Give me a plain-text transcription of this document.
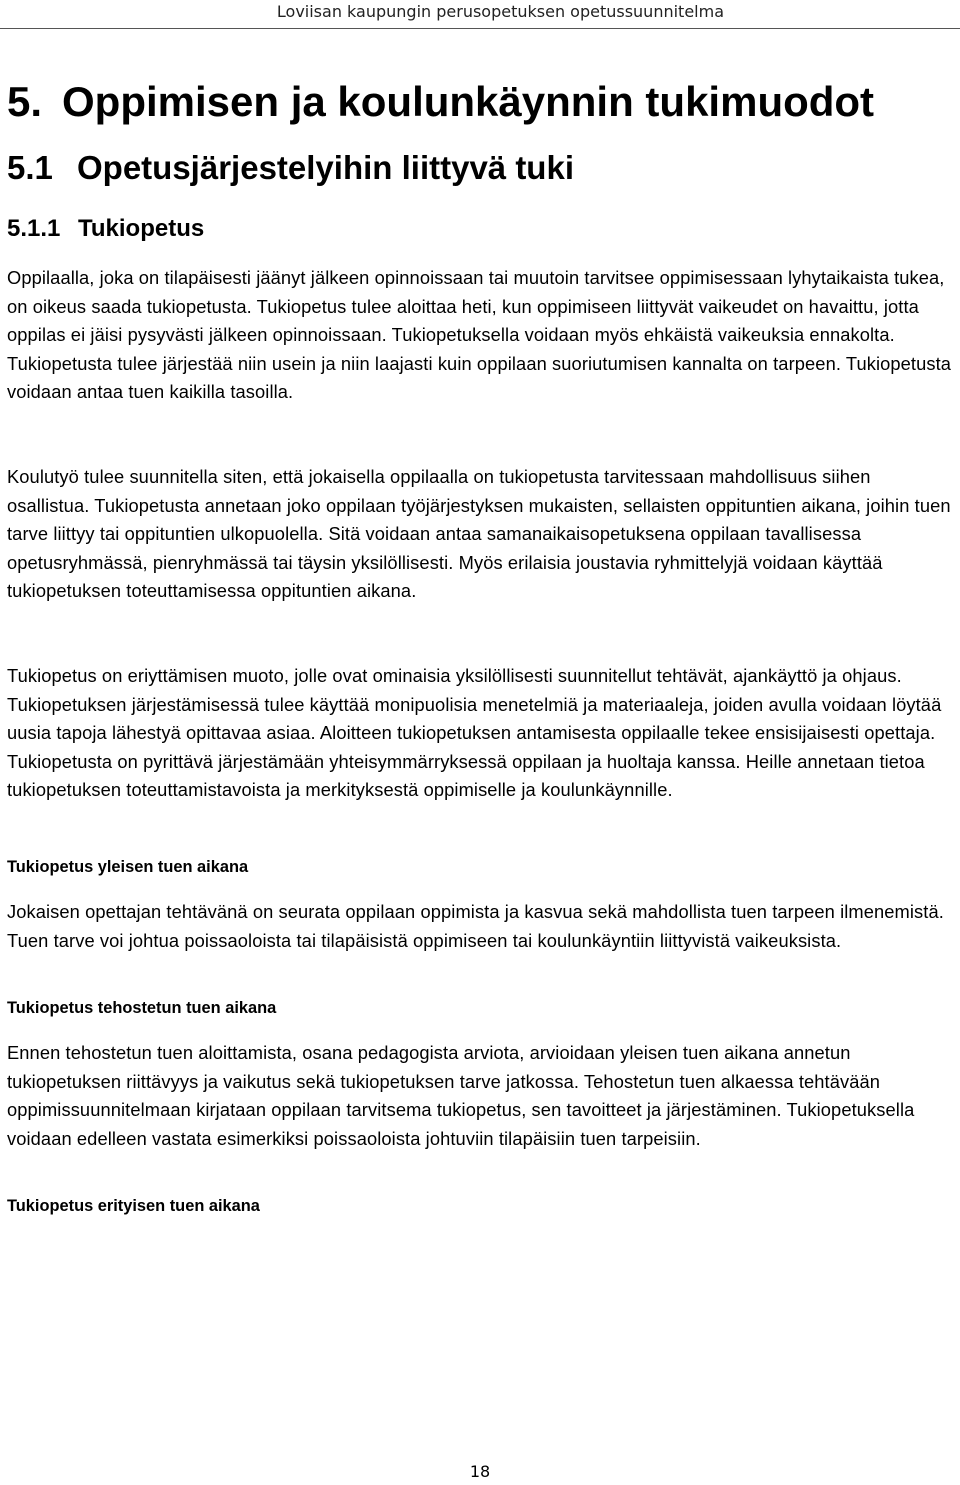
Loviisan kaupungin perusopetuksen opetussuunnitelma
5. Oppimisen ja koulunkäynnin tukimuodot
5.1 Opetusjärjestelyihin liittyvä tuki
5.1.1 Tukiopetus

Oppilaalla, joka on tilapäisesti jäänyt jälkeen opinnoissaan tai muutoin tarvitsee oppimisessaan lyhytaikaista tukea, on oikeus saada tukiopetusta. Tukiopetus tulee aloittaa heti, kun oppimiseen liittyvät vaikeudet on havaittu, jotta oppilas ei jäisi pysyvästi jälkeen opinnoissaan. Tukiopetuksella voidaan myös ehkäistä vaikeuksia ennakolta. Tukiopetusta tulee järjestää niin usein ja niin laajasti kuin oppilaan suoriutumisen kannalta on tarpeen. Tukiopetusta voidaan antaa tuen kaikilla tasoilla.

Koulutyö tulee suunnitella siten, että jokaisella oppilaalla on tukiopetusta tarvitessaan mahdollisuus siihen osallistua. Tukiopetusta annetaan joko oppilaan työjärjestyksen mukaisten, sellaisten oppituntien aikana, joihin tuen tarve liittyy tai oppituntien ulkopuolella. Sitä voidaan antaa samanaikaisopetuksena oppilaan tavallisessa opetusryhmässä, pienryhmässä tai täysin yksilöllisesti. Myös erilaisia joustavia ryhmittelyjä voidaan käyttää tukiopetuksen toteuttamisessa oppituntien aikana.

Tukiopetus on eriyttämisen muoto, jolle ovat ominaisia yksilöllisesti suunnitellut tehtävät, ajankäyttö ja ohjaus. Tukiopetuksen järjestämisessä tulee käyttää monipuolisia menetelmiä ja materiaaleja, joiden avulla voidaan löytää uusia tapoja lähestyä opittavaa asiaa. Aloitteen tukiopetuksen antamisesta oppilaalle tekee ensisijaisesti opettaja. Tukiopetusta on pyrittävä järjestämään yhteisymmärryksessä oppilaan ja huoltaja kanssa. Heille annetaan tietoa tukiopetuksen toteuttamistavoista ja merkityksestä oppimiselle ja koulunkäynnille.

Tukiopetus yleisen tuen aikana

Jokaisen opettajan tehtävänä on seurata oppilaan oppimista ja kasvua sekä mahdollista tuen tarpeen ilmenemistä. Tuen tarve voi johtua poissaoloista tai tilapäisistä oppimiseen tai koulunkäyntiin liittyvistä vaikeuksista.

Tukiopetus tehostetun tuen aikana

Ennen tehostetun tuen aloittamista, osana pedagogista arviota, arvioidaan yleisen tuen aikana annetun tukiopetuksen riittävyys ja vaikutus sekä tukiopetuksen tarve jatkossa. Tehostetun tuen alkaessa tehtävään oppimissuunnitelmaan kirjataan oppilaan tarvitsema tukiopetus, sen tavoitteet ja järjestäminen. Tukiopetuksella voidaan edelleen vastata esimerkiksi poissaoloista johtuviin tilapäisiin tuen tarpeisiin.

Tukiopetus erityisen tuen aikana
18
